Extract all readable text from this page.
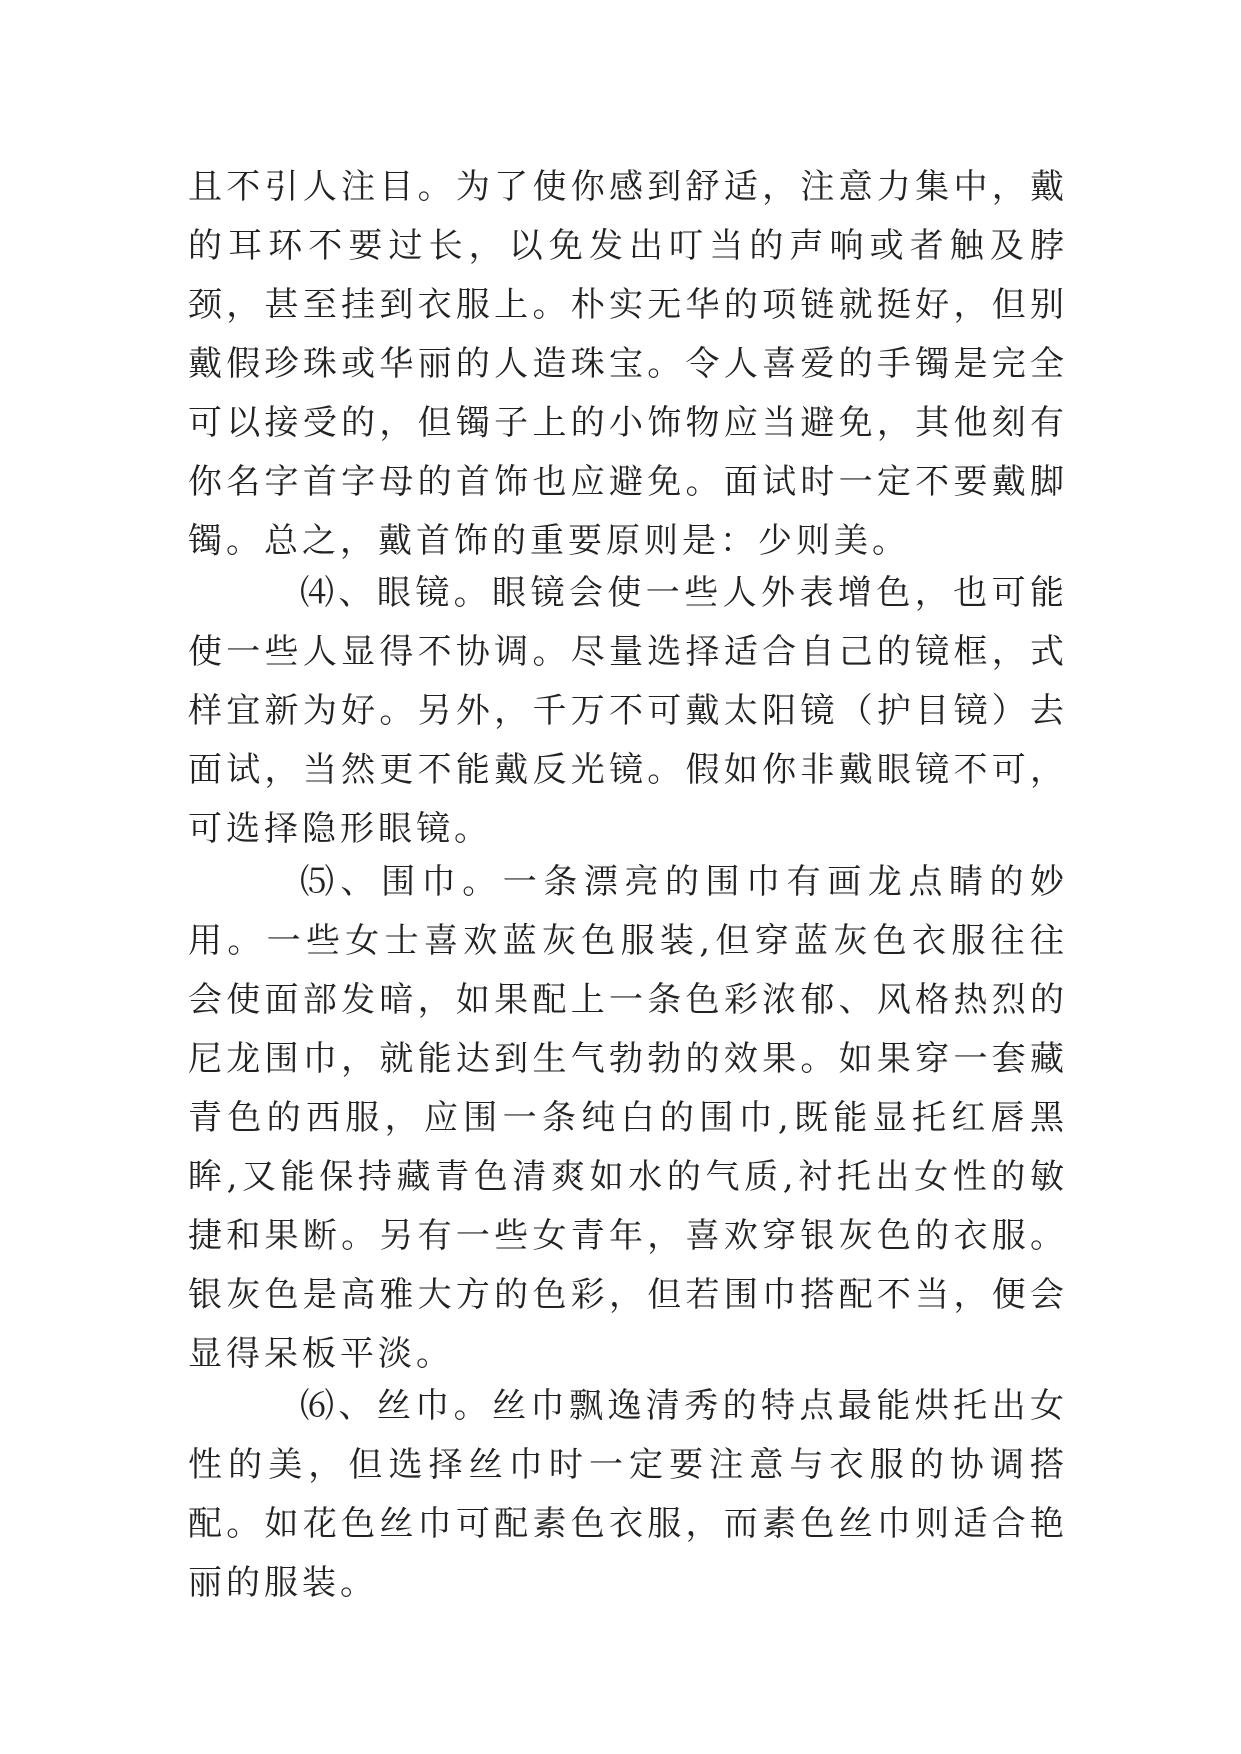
且不引人注目。为了使你感到舒适，注意力集中，戴的耳环不要过长，以免发出叮当的声响或者触及脖颈，甚至挂到衣服上。朴实无华的项链就挺好，但别戴假珍珠或华丽的人造珠宝。令人喜爱的手镯是完全可以接受的，但镯子上的小饰物应当避免，其他刻有你名字首字母的首饰也应避免。面试时一定不要戴脚镯。总之，戴首饰的重要原则是：少则美。

⑷、眼镜。眼镜会使一些人外表增色，也可能使一些人显得不协调。尽量选择适合自己的镜框，式样宜新为好。另外，千万不可戴太阳镜（护目镜）去面试，当然更不能戴反光镜。假如你非戴眼镜不可，可选择隐形眼镜。

⑸、围巾。一条漂亮的围巾有画龙点睛的妙用。一些女士喜欢蓝灰色服装,但穿蓝灰色衣服往往会使面部发暗，如果配上一条色彩浓郁、风格热烈的尼龙围巾，就能达到生气勃勃的效果。如果穿一套藏青色的西服，应围一条纯白的围巾,既能显托红唇黑眸,又能保持藏青色清爽如水的气质,衬托出女性的敏捷和果断。另有一些女青年，喜欢穿银灰色的衣服。银灰色是高雅大方的色彩，但若围巾搭配不当，便会显得呆板平淡。

⑹、丝巾。丝巾飘逸清秀的特点最能烘托出女性的美，但选择丝巾时一定要注意与衣服的协调搭配。如花色丝巾可配素色衣服，而素色丝巾则适合艳丽的服装。
